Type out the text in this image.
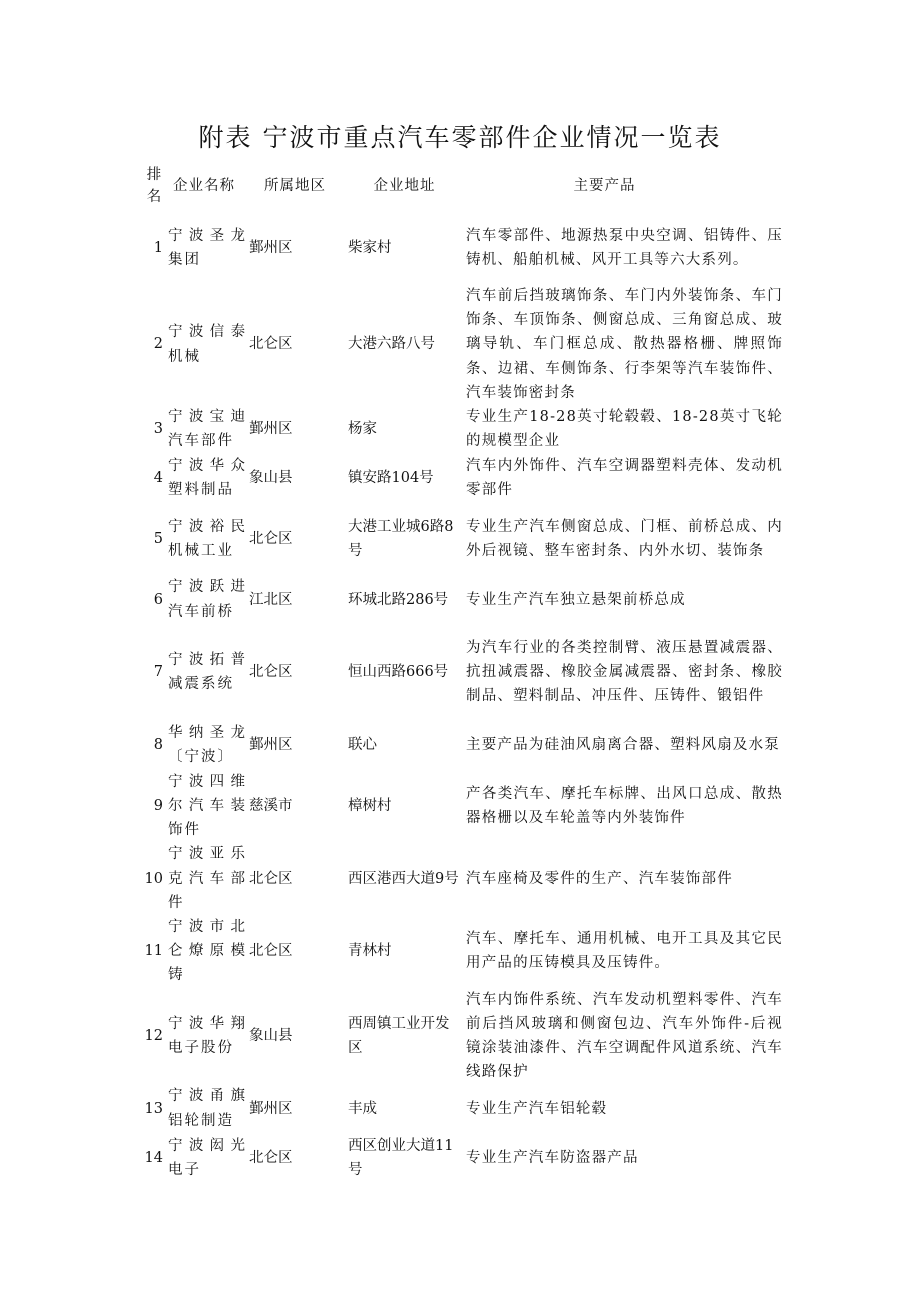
附表 宁波市重点汽车零部件企业情况一览表
排名	企业名称	所属地区	企业地址	主要产品
1	宁波圣龙集团	鄞州区	柴家村	汽车零部件、地源热泵中央空调、铝铸件、压铸机、船舶机械、风开工具等六大系列。
2	宁波信泰机械	北仑区	大港六路八号	汽车前后挡玻璃饰条、车门内外装饰条、车门饰条、车顶饰条、侧窗总成、三角窗总成、玻璃导轨、车门框总成、散热器格栅、牌照饰条、边裙、车侧饰条、行李架等汽车装饰件、汽车装饰密封条
3	宁波宝迪汽车部件	鄞州区	杨家	专业生产18-28英寸轮毂毂、18-28英寸飞轮的规模型企业
4	宁波华众塑料制品	象山县	镇安路104号	汽车内外饰件、汽车空调器塑料壳体、发动机零部件
5	宁波裕民机械工业	北仑区	大港工业城6路8号	专业生产汽车侧窗总成、门框、前桥总成、内外后视镜、整车密封条、内外水切、装饰条
6	宁波跃进汽车前桥	江北区	环城北路286号	专业生产汽车独立悬架前桥总成
7	宁波拓普减震系统	北仑区	恒山西路666号	为汽车行业的各类控制臂、液压悬置减震器、抗扭减震器、橡胶金属减震器、密封条、橡胶制品、塑料制品、冲压件、压铸件、锻铝件
8	华纳圣龙〔宁波〕	鄞州区	联心	主要产品为硅油风扇离合器、塑料风扇及水泵
9	宁波四维尔汽车装饰件	慈溪市	樟树村	产各类汽车、摩托车标牌、出风口总成、散热器格栅以及车轮盖等内外装饰件
10	宁波亚乐克汽车部件	北仑区	西区港西大道9号	汽车座椅及零件的生产、汽车装饰部件
11	宁波市北仑燎原模铸	北仑区	青林村	汽车、摩托车、通用机械、电开工具及其它民用产品的压铸模具及压铸件。
12	宁波华翔电子股份	象山县	西周镇工业开发区	汽车内饰件系统、汽车发动机塑料零件、汽车前后挡风玻璃和侧窗包边、汽车外饰件-后视镜涂装油漆件、汽车空调配件风道系统、汽车线路保护
13	宁波甬旗铝轮制造	鄞州区	丰成	专业生产汽车铝轮毂
14	宁波闳光电子	北仑区	西区创业大道11号	专业生产汽车防盗器产品
